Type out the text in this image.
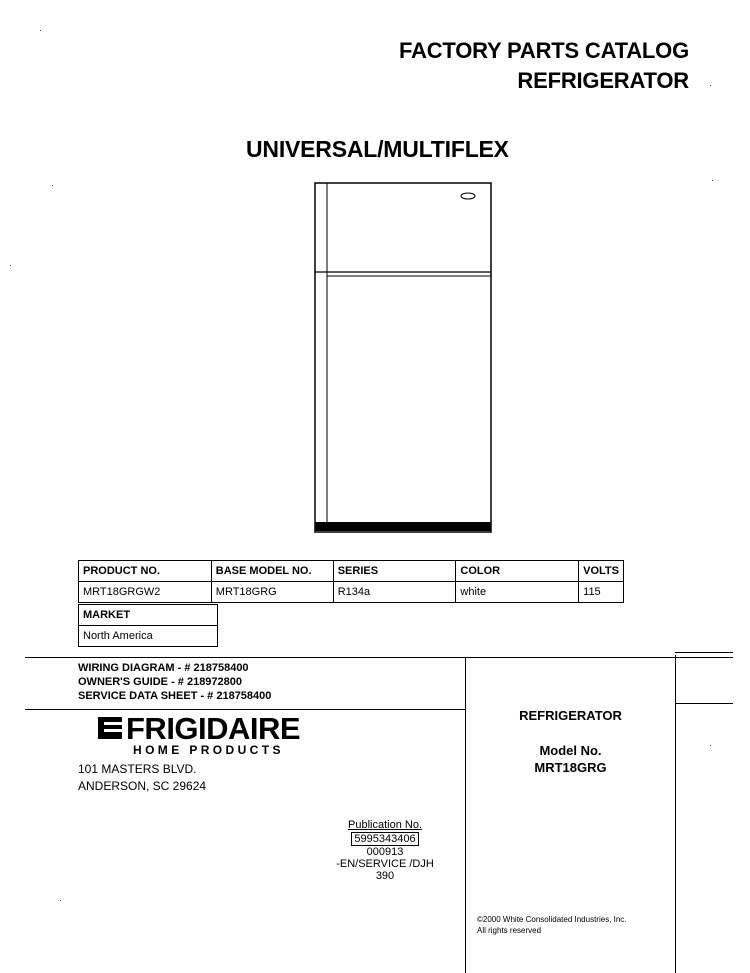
FACTORY PARTS CATALOG
REFRIGERATOR
UNIVERSAL/MULTIFLEX
PRODUCT NO.	BASE MODEL NO.	SERIES	COLOR	VOLTS
MRT18GRGW2	MRT18GRG	R134a	white	115
MARKET
North America
WIRING DIAGRAM - # 218758400
OWNER'S GUIDE - # 218972800
SERVICE DATA SHEET - # 218758400
FRIGIDAIRE
HOME PRODUCTS
101 MASTERS BLVD.
ANDERSON, SC 29624
Publication No.
5995343406
000913
-EN/SERVICE /DJH
390
REFRIGERATOR
Model No.
MRT18GRG
©2000 White Consolidated Industries, Inc.
All rights reserved
